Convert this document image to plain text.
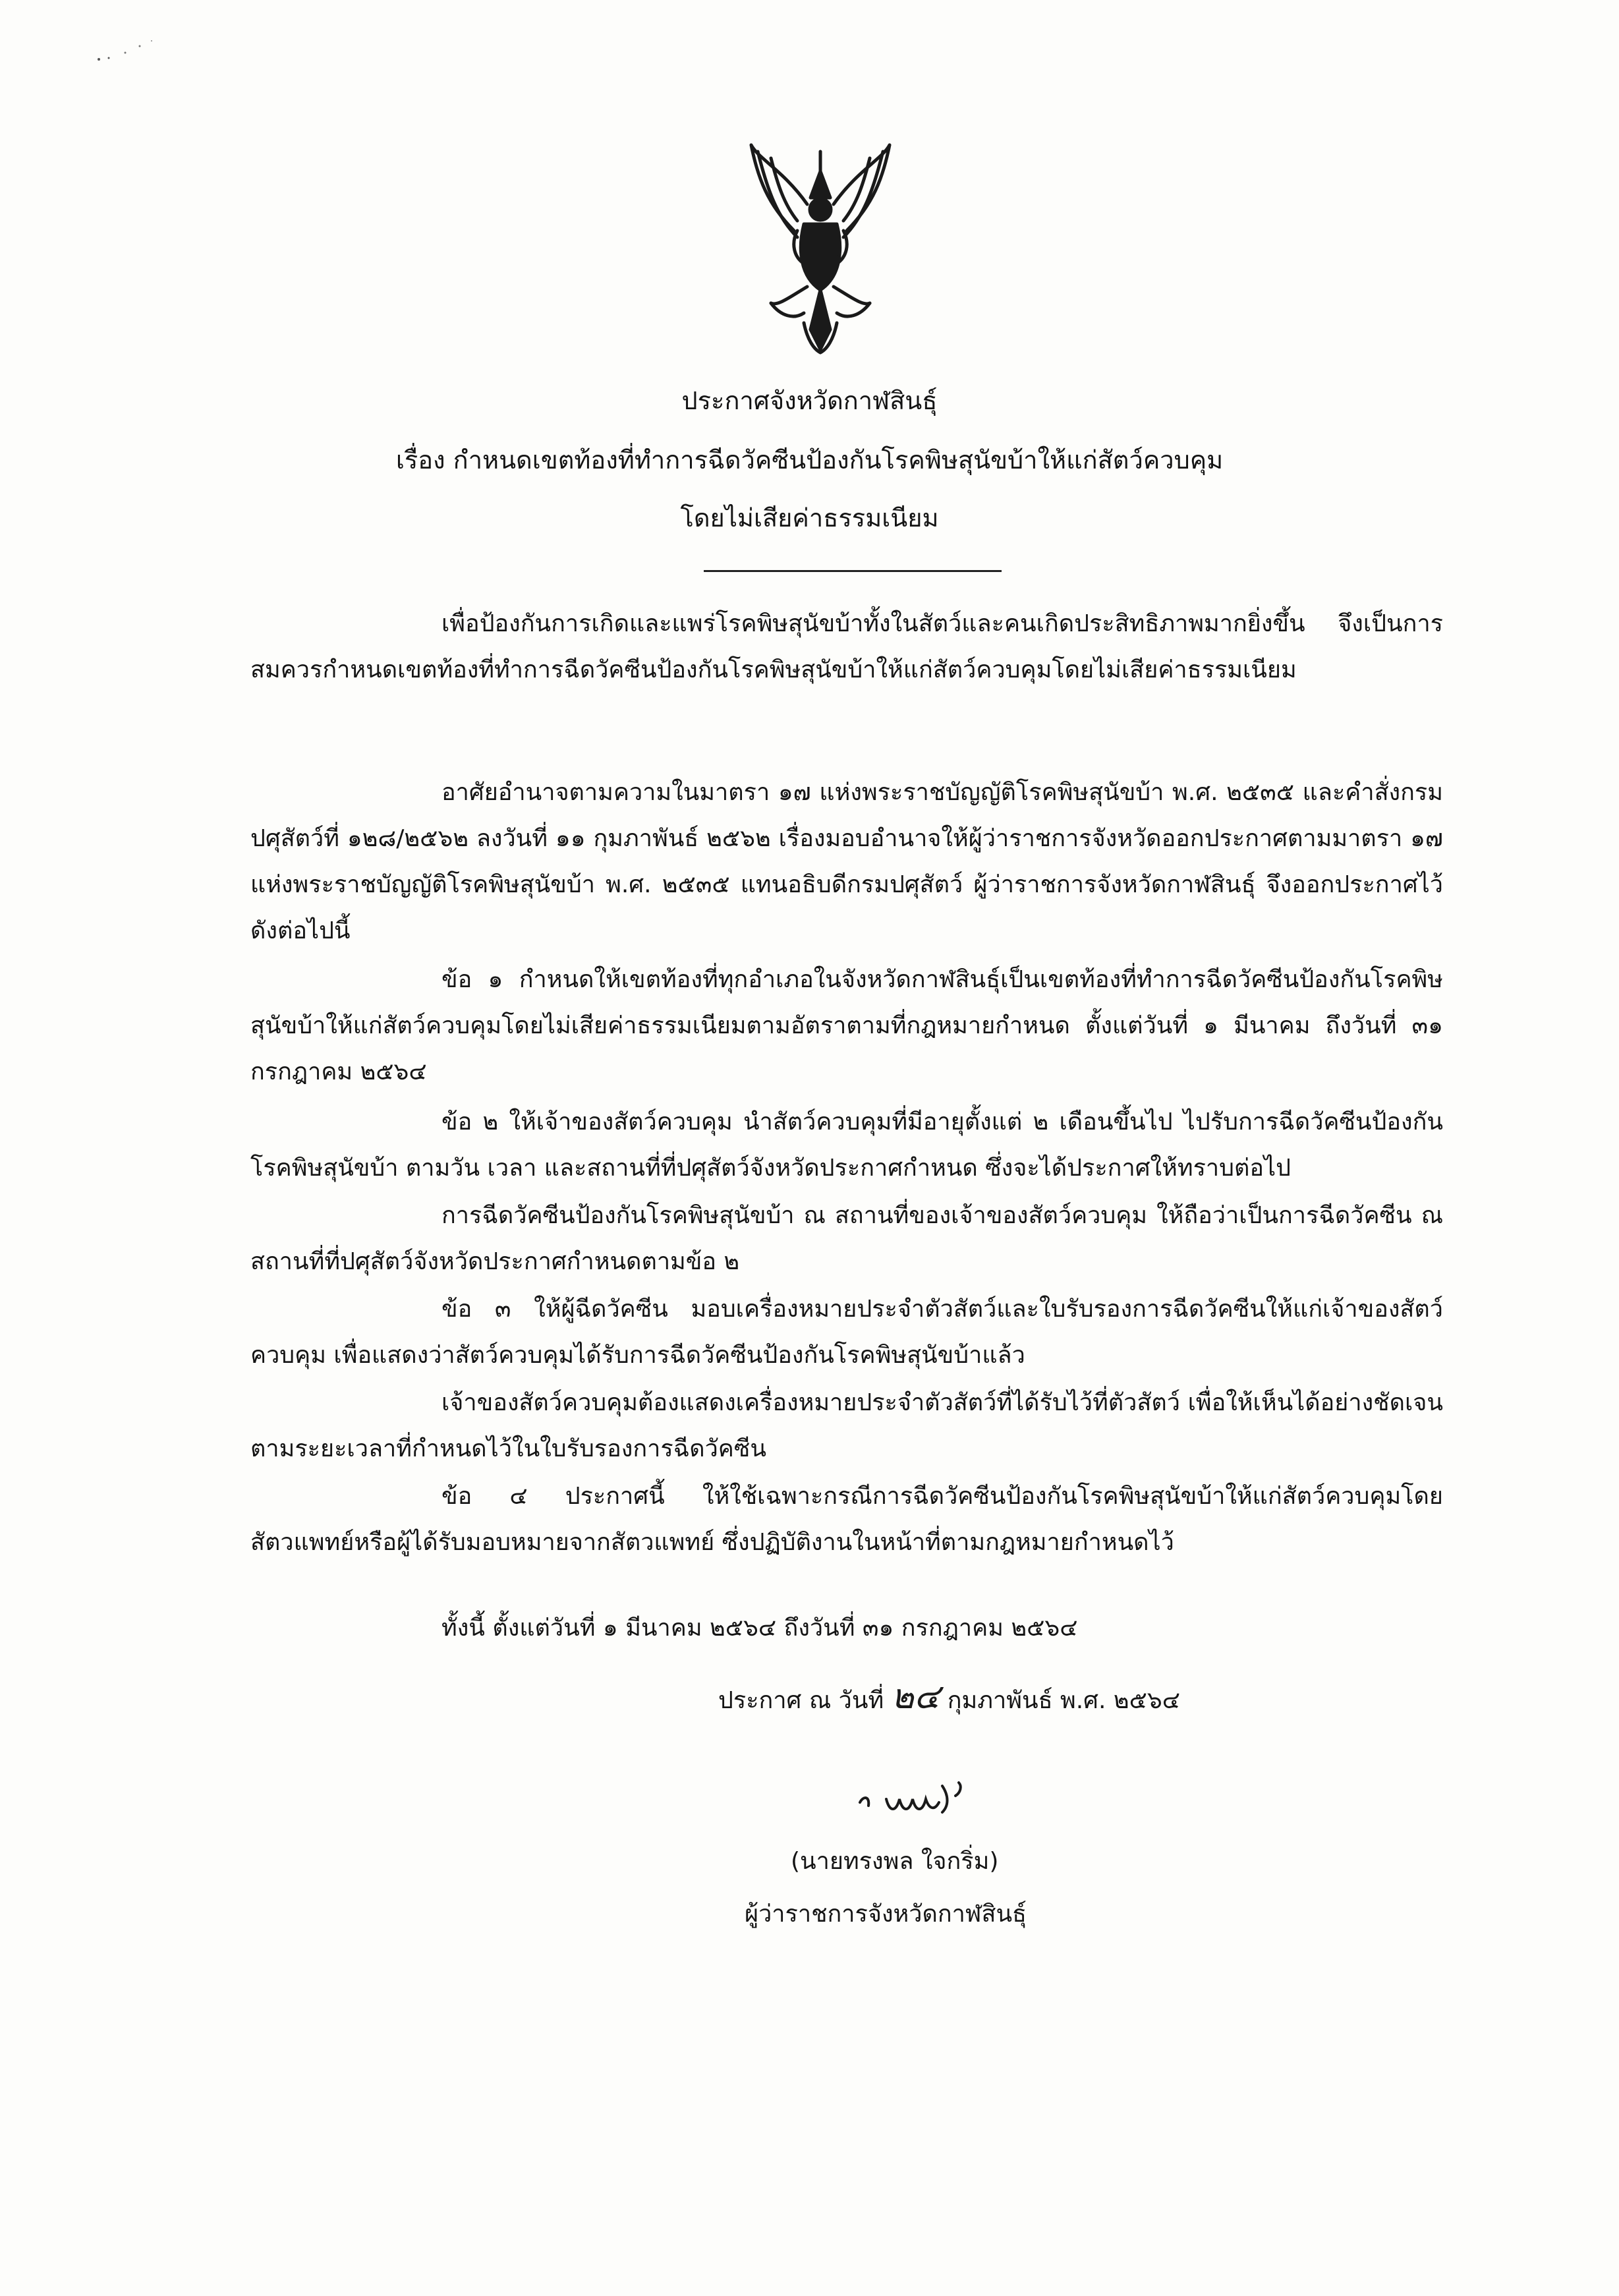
ประกาศจังหวัดกาฬสินธุ์
เรื่อง กำหนดเขตท้องที่ทำการฉีดวัคซีนป้องกันโรคพิษสุนัขบ้าให้แก่สัตว์ควบคุม
โดยไม่เสียค่าธรรมเนียม

เพื่อป้องกันการเกิดและแพร่โรคพิษสุนัขบ้าทั้งในสัตว์และคนเกิดประสิทธิภาพมากยิ่งขึ้น จึงเป็นการสมควรกำหนดเขตท้องที่ทำการฉีดวัคซีนป้องกันโรคพิษสุนัขบ้าให้แก่สัตว์ควบคุมโดยไม่เสียค่าธรรมเนียม

อาศัยอำนาจตามความในมาตรา ๑๗ แห่งพระราชบัญญัติโรคพิษสุนัขบ้า พ.ศ. ๒๕๓๕ และคำสั่งกรมปศุสัตว์ที่ ๑๒๘/๒๕๖๒ ลงวันที่ ๑๑ กุมภาพันธ์ ๒๕๖๒ เรื่องมอบอำนาจให้ผู้ว่าราชการจังหวัดออกประกาศตามมาตรา ๑๗ แห่งพระราชบัญญัติโรคพิษสุนัขบ้า พ.ศ. ๒๕๓๕ แทนอธิบดีกรมปศุสัตว์ ผู้ว่าราชการจังหวัดกาฬสินธุ์ จึงออกประกาศไว้ดังต่อไปนี้

ข้อ ๑ กำหนดให้เขตท้องที่ทุกอำเภอในจังหวัดกาฬสินธุ์เป็นเขตท้องที่ทำการฉีดวัคซีนป้องกันโรคพิษสุนัขบ้าให้แก่สัตว์ควบคุมโดยไม่เสียค่าธรรมเนียมตามอัตราตามที่กฎหมายกำหนด ตั้งแต่วันที่ ๑ มีนาคม ถึงวันที่ ๓๑ กรกฎาคม ๒๕๖๔

ข้อ ๒ ให้เจ้าของสัตว์ควบคุม นำสัตว์ควบคุมที่มีอายุตั้งแต่ ๒ เดือนขึ้นไป ไปรับการฉีดวัคซีนป้องกันโรคพิษสุนัขบ้า ตามวัน เวลา และสถานที่ที่ปศุสัตว์จังหวัดประกาศกำหนด ซึ่งจะได้ประกาศให้ทราบต่อไป

การฉีดวัคซีนป้องกันโรคพิษสุนัขบ้า ณ สถานที่ของเจ้าของสัตว์ควบคุม ให้ถือว่าเป็นการฉีดวัคซีน ณ สถานที่ที่ปศุสัตว์จังหวัดประกาศกำหนดตามข้อ ๒

ข้อ ๓ ให้ผู้ฉีดวัคซีน มอบเครื่องหมายประจำตัวสัตว์และใบรับรองการฉีดวัคซีนให้แก่เจ้าของสัตว์ควบคุม เพื่อแสดงว่าสัตว์ควบคุมได้รับการฉีดวัคซีนป้องกันโรคพิษสุนัขบ้าแล้ว

เจ้าของสัตว์ควบคุมต้องแสดงเครื่องหมายประจำตัวสัตว์ที่ได้รับไว้ที่ตัวสัตว์ เพื่อให้เห็นได้อย่างชัดเจนตามระยะเวลาที่กำหนดไว้ในใบรับรองการฉีดวัคซีน

ข้อ ๔ ประกาศนี้ ให้ใช้เฉพาะกรณีการฉีดวัคซีนป้องกันโรคพิษสุนัขบ้าให้แก่สัตว์ควบคุมโดยสัตวแพทย์หรือผู้ได้รับมอบหมายจากสัตวแพทย์ ซึ่งปฏิบัติงานในหน้าที่ตามกฎหมายกำหนดไว้

ทั้งนี้ ตั้งแต่วันที่ ๑ มีนาคม ๒๕๖๔ ถึงวันที่ ๓๑ กรกฎาคม ๒๕๖๔
ประกาศ ณ วันที่ ๒๔ กุมภาพันธ์ พ.ศ. ๒๕๖๔
(นายทรงพล ใจกริ่ม)
ผู้ว่าราชการจังหวัดกาฬสินธุ์
